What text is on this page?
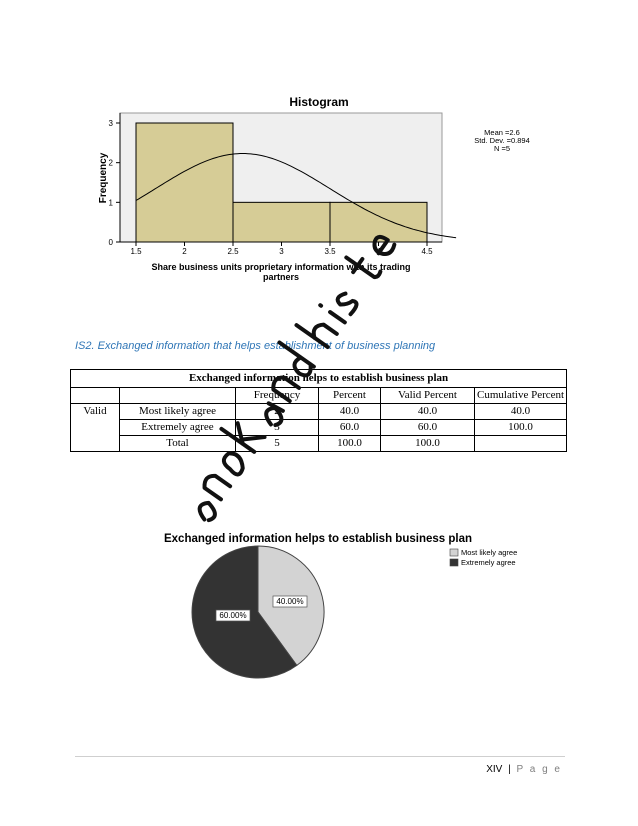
Histogram
1.5	2	2.5	3	3.5	4	4.5
0
1
2
3
Frequency
Share business units proprietary information with its trading partners
Mean =2.6
Std. Dev. =0.894
N =5

IS2. Exchanged information that helps establishment of business planning

Exchanged information helps to establish business plan					
		Frequency	Percent	Valid Percent	Cumulative Percent
Valid	Most likely agree	2	40.0	40.0	40.0
	Extremely agree	3	60.0	60.0	100.0
	Total	5	100.0	100.0	
Exchanged information helps to establish business plan
40.00%
60.00%
Most likely agree
Extremely agree
XIV | P a g e
